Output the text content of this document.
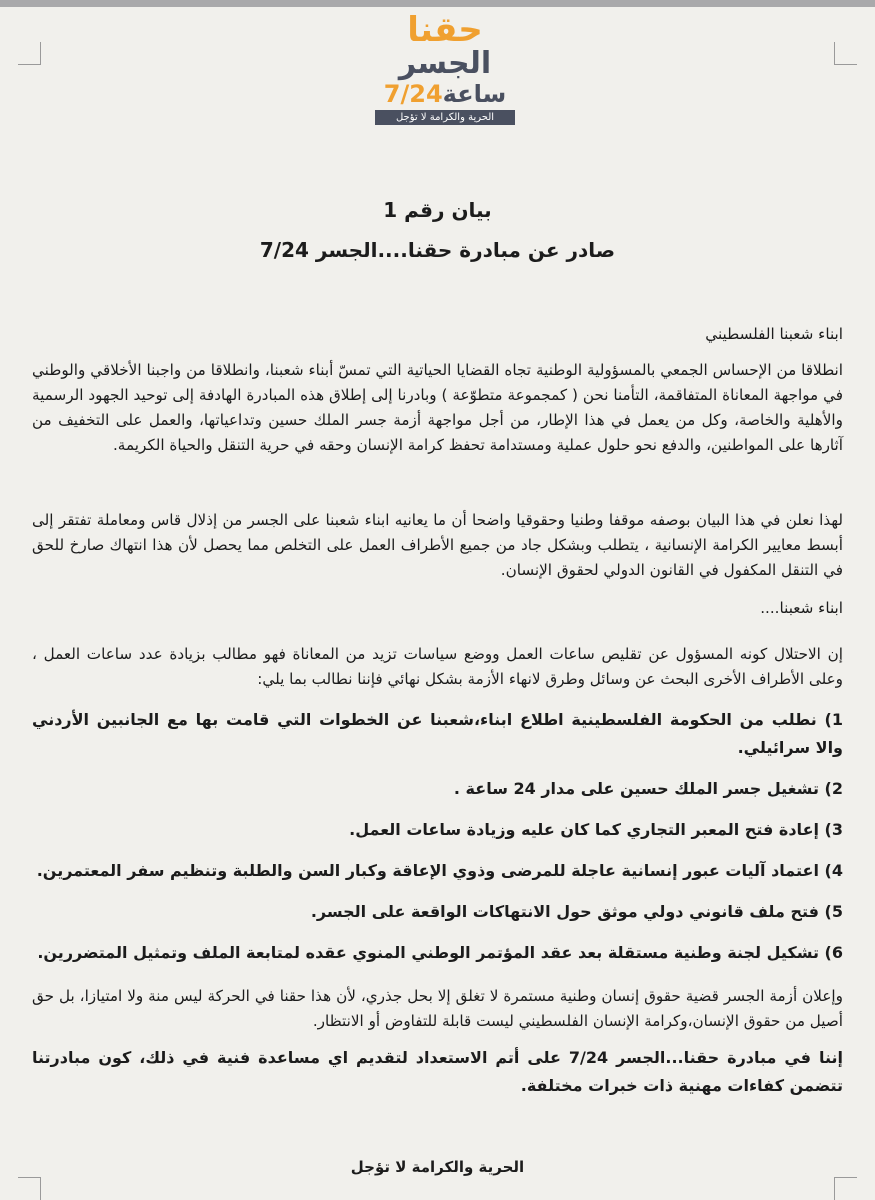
حقنا
الجسر
7/24ساعة
الحرية والكرامة لا تؤجل
بيان رقم 1
صادر عن مبادرة حقنا....الجسر 7/24

ابناء شعبنا الفلسطيني

انطلاقا من الإحساس الجمعي بالمسؤولية الوطنية تجاه القضايا الحياتية التي تمسّ أبناء شعبنا، وانطلاقا من واجبنا الأخلاقي والوطني في مواجهة المعاناة المتفاقمة، التأمنا نحن ( كمجموعة متطوّعة ) وبادرنا إلى إطلاق هذه المبادرة الهادفة إلى توحيد الجهود الرسمية والأهلية والخاصة، وكل من يعمل في هذا الإطار، من أجل مواجهة أزمة جسر الملك حسين وتداعياتها، والعمل على التخفيف من آثارها على المواطنين، والدفع نحو حلول عملية ومستدامة تحفظ كرامة الإنسان وحقه في حرية التنقل والحياة الكريمة.

لهذا نعلن في هذا البيان بوصفه موقفا وطنيا وحقوقيا واضحا أن ما يعانيه ابناء شعبنا على الجسر من إذلال قاس ومعاملة تفتقر إلى أبسط معايير الكرامة الإنسانية ، يتطلب وبشكل جاد من جميع الأطراف العمل على التخلص مما يحصل لأن هذا انتهاك صارخ للحق في التنقل المكفول في القانون الدولي لحقوق الإنسان.

ابناء شعبنا....

إن الاحتلال كونه المسؤول عن تقليص ساعات العمل ووضع سياسات تزيد من المعاناة فهو مطالب بزيادة عدد ساعات العمل ، وعلى الأطراف الأخرى البحث عن وسائل وطرق لانهاء الأزمة بشكل نهائي فإننا نطالب بما يلي:

1) نطلب من الحكومة الفلسطينية اطلاع ابناء،شعبنا عن الخطوات التي قامت بها مع الجانبين الأردني والا سرائيلي.

2) تشغيل جسر الملك حسين على مدار 24 ساعة .

3) إعادة فتح المعبر التجاري كما كان عليه وزيادة ساعات العمل.

4) اعتماد آليات عبور إنسانية عاجلة للمرضى وذوي الإعاقة وكبار السن والطلبة وتنظيم سفر المعتمرين.

5) فتح ملف قانوني دولي موثق حول الانتهاكات الواقعة على الجسر.

6) تشكيل لجنة وطنية مستقلة بعد عقد المؤتمر الوطني المنوي عقده لمتابعة الملف وتمثيل المتضررين.

وإعلان أزمة الجسر قضية حقوق إنسان وطنية مستمرة لا تغلق إلا بحل جذري، لأن هذا حقنا في الحركة ليس منة ولا امتيازا، بل حق أصيل من حقوق الإنسان،وكرامة الإنسان الفلسطيني ليست قابلة للتفاوض أو الانتظار.

إننا في مبادرة حقنا...الجسر 7/24 على أتم الاستعداد لتقديم اي مساعدة فنية في ذلك، كون مبادرتنا تتضمن كفاءات مهنية ذات خبرات مختلفة.

الحرية والكرامة لا تؤجل
